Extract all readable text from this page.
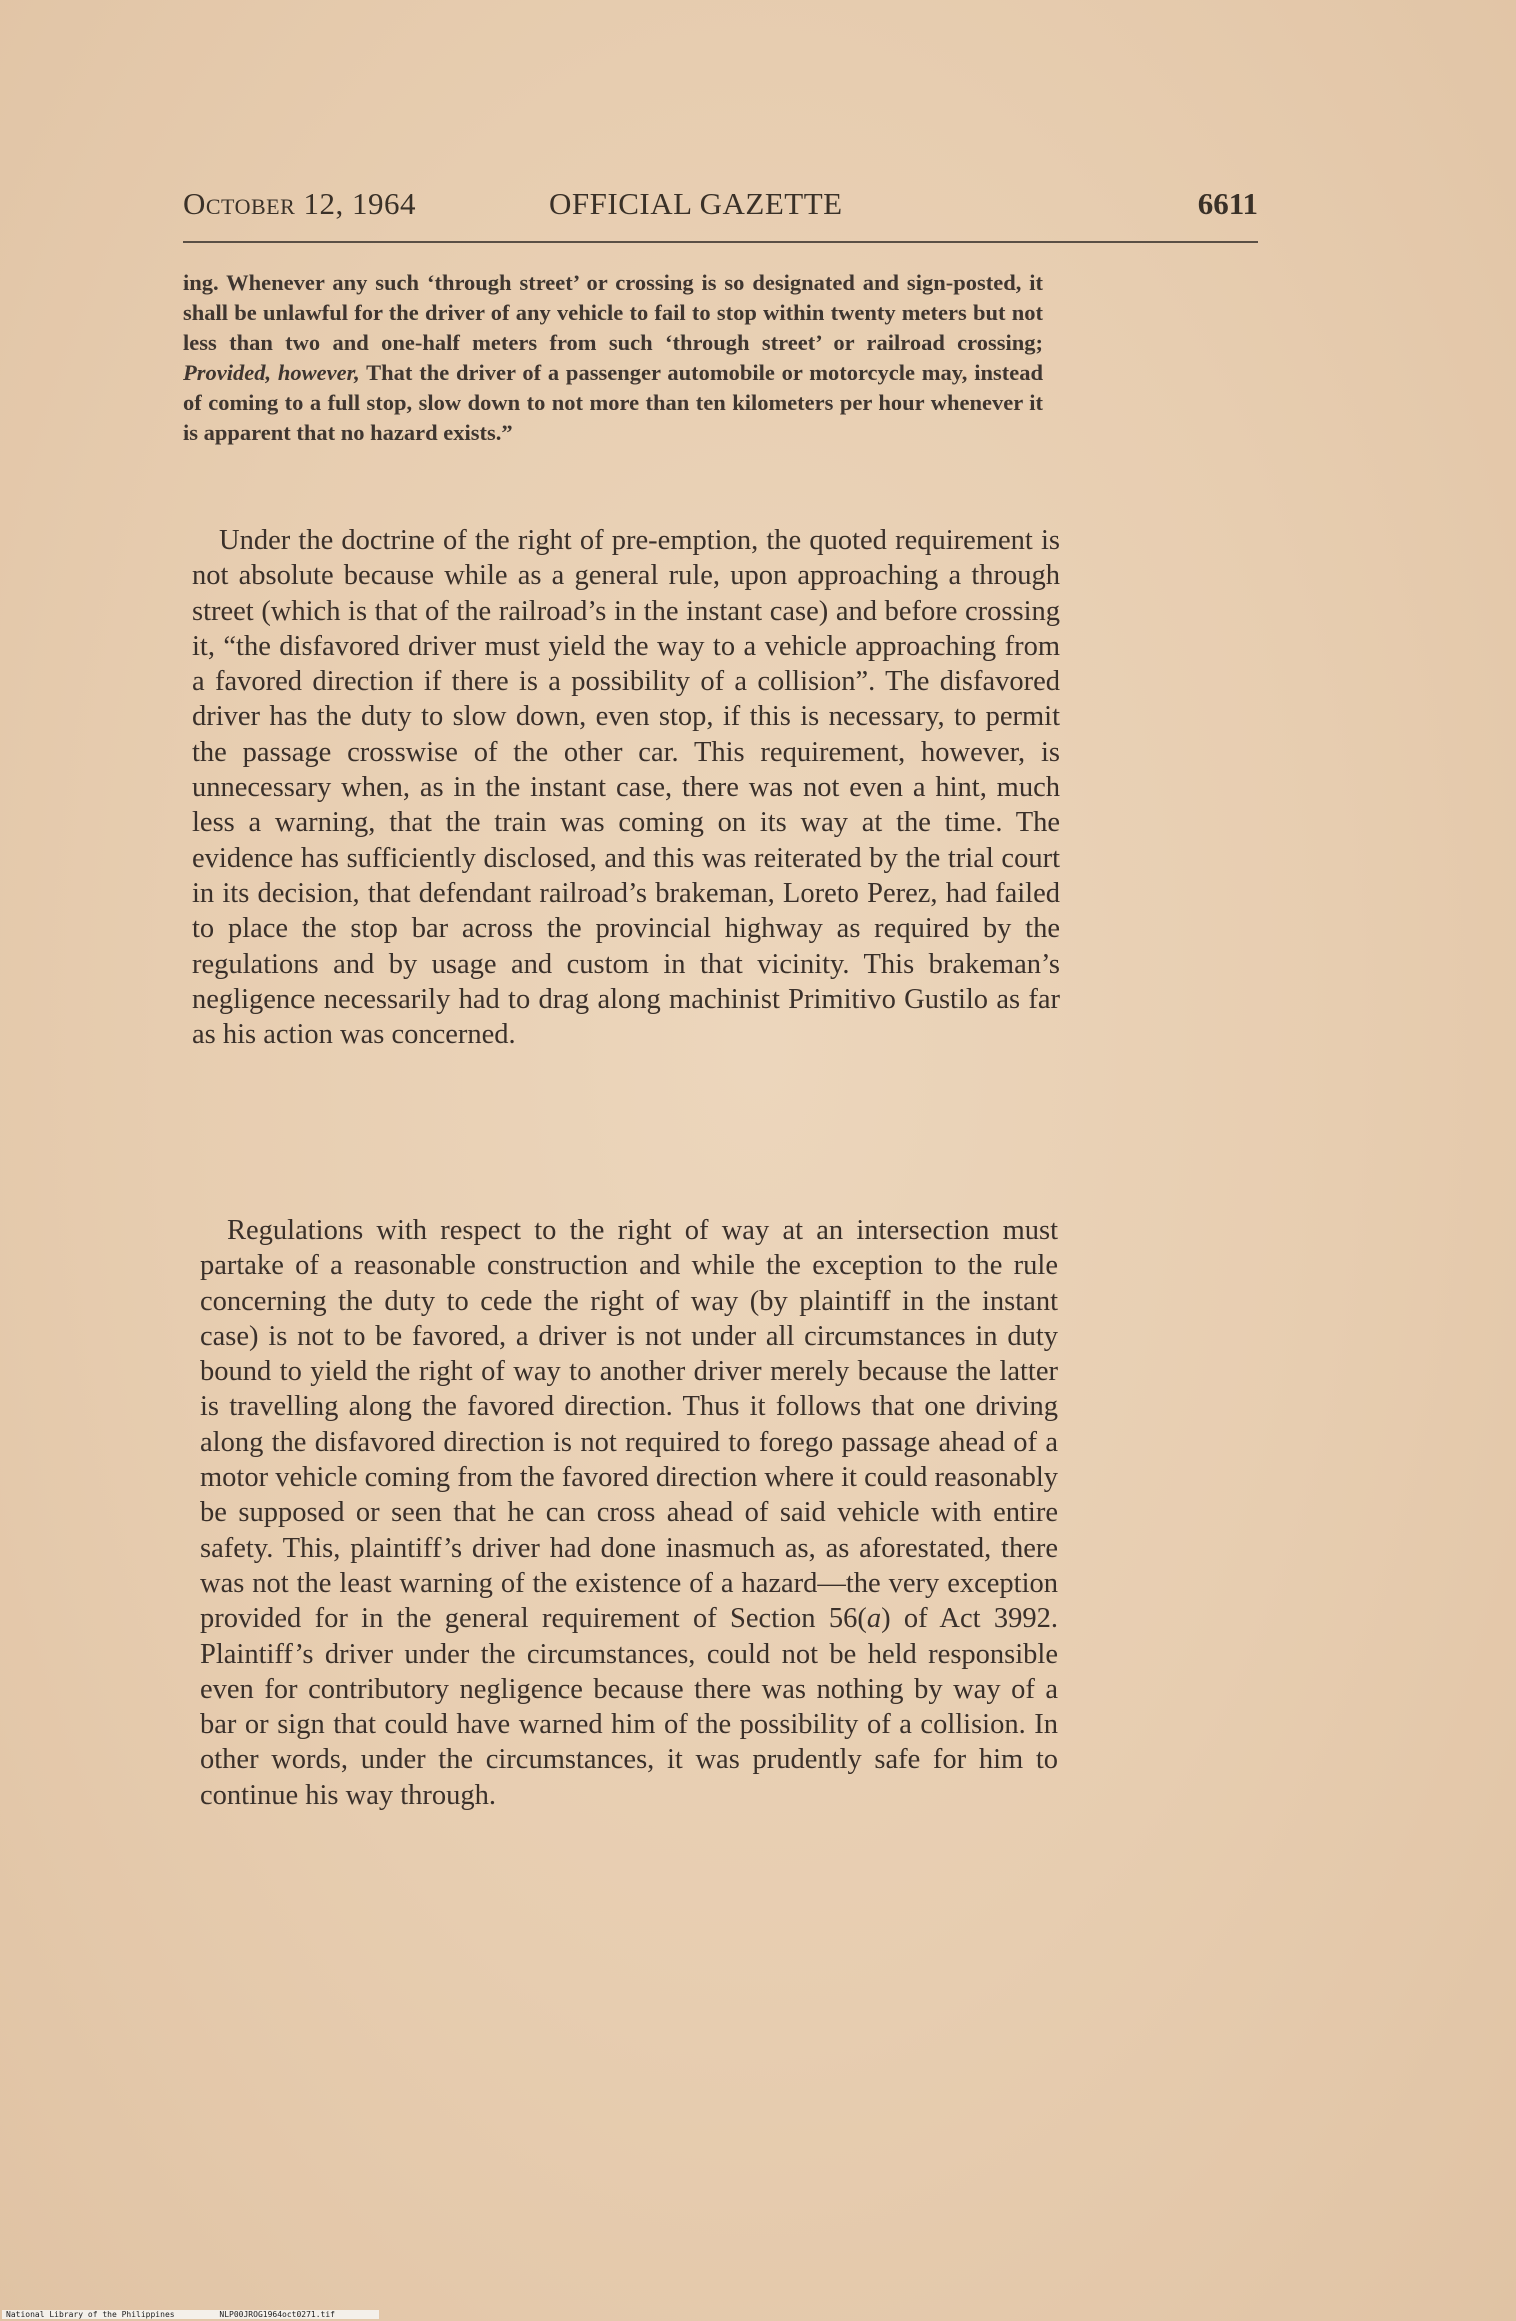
October 12, 1964	OFFICIAL GAZETTE	6611
ing. Whenever any such ‘through street’ or crossing is so designated and sign-posted, it shall be unlawful for the driver of any vehicle to fail to stop within twenty meters but not less than two and one-half meters from such ‘through street’ or railroad crossing; Provided, however, That the driver of a passenger automobile or motorcycle may, instead of coming to a full stop, slow down to not more than ten kilometers per hour whenever it is apparent that no hazard exists.”

Under the doctrine of the right of pre-emption, the quoted requirement is not absolute because while as a general rule, upon approaching a through street (which is that of the railroad’s in the instant case) and before crossing it, “the disfavored driver must yield the way to a vehicle approaching from a favored direction if there is a possibility of a collision”. The disfavored driver has the duty to slow down, even stop, if this is necessary, to permit the passage crosswise of the other car. This requirement, however, is unnecessary when, as in the instant case, there was not even a hint, much less a warning, that the train was coming on its way at the time. The evidence has sufficiently disclosed, and this was reiterated by the trial court in its decision, that defendant railroad’s brakeman, Loreto Perez, had failed to place the stop bar across the provincial highway as required by the regulations and by usage and custom in that vicinity. This brakeman’s negligence necessarily had to drag along machinist Primitivo Gustilo as far as his action was concerned.

Regulations with respect to the right of way at an intersection must partake of a reasonable construction and while the exception to the rule concerning the duty to cede the right of way (by plaintiff in the instant case) is not to be favored, a driver is not under all circumstances in duty bound to yield the right of way to another driver merely because the latter is travelling along the favored direction. Thus it follows that one driving along the disfavored direction is not required to forego passage ahead of a motor vehicle coming from the favored direction where it could reasonably be supposed or seen that he can cross ahead of said vehicle with entire safety. This, plaintiff’s driver had done inasmuch as, as aforestated, there was not the least warning of the existence of a hazard—the very exception provided for in the general requirement of Section 56(a) of Act 3992. Plaintiff’s driver under the circumstances, could not be held responsible even for contributory negligence because there was nothing by way of a bar or sign that could have warned him of the possibility of a collision. In other words, under the circumstances, it was prudently safe for him to continue his way through.

National Library of the Philippines	NLP00JROG1964oct0271.tif
